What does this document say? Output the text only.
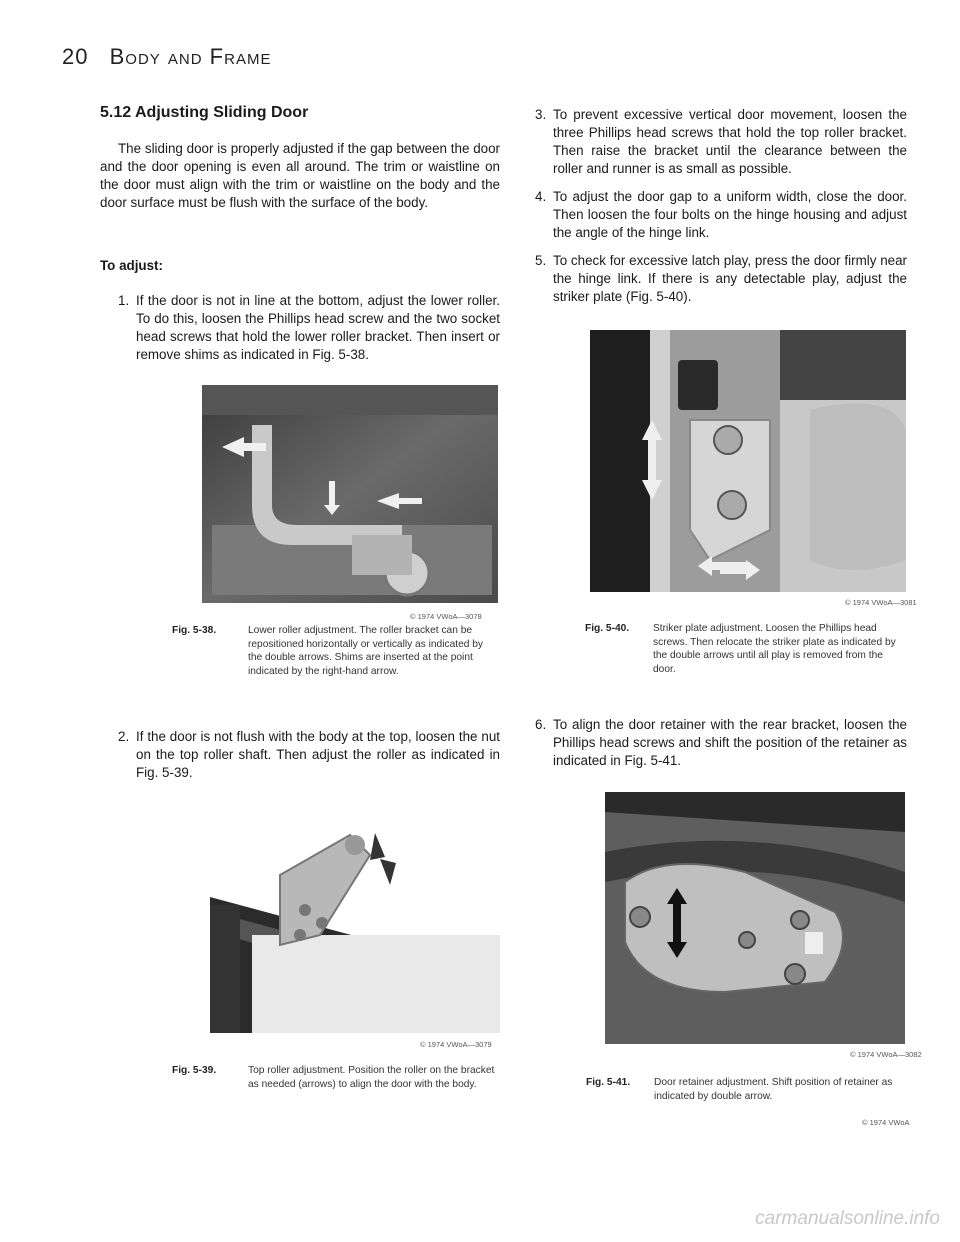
20 Body and Frame
5.12 Adjusting Sliding Door

The sliding door is properly adjusted if the gap between the door and the door opening is even all around. The trim or waistline on the door must align with the trim or waistline on the body and the door surface must be flush with the surface of the body.

To adjust:
1. If the door is not in line at the bottom, adjust the lower roller. To do this, loosen the Phillips head screw and the two socket head screws that hold the lower roller bracket. Then insert or remove shims as indicated in Fig. 5-38.
© 1974 VWoA—3078
Fig. 5-38.	Lower roller adjustment. The roller bracket can be repositioned horizontally or vertically as indicated by the double arrows. Shims are inserted at the point indicated by the right-hand arrow.
2. If the door is not flush with the body at the top, loosen the nut on the top roller shaft. Then adjust the roller as indicated in Fig. 5-39.
© 1974 VWoA—3079
Fig. 5-39.	Top roller adjustment. Position the roller on the bracket as needed (arrows) to align the door with the body.
3. To prevent excessive vertical door movement, loosen the three Phillips head screws that hold the top roller bracket. Then raise the bracket until the clearance between the roller and runner is as small as possible.
4. To adjust the door gap to a uniform width, close the door. Then loosen the four bolts on the hinge housing and adjust the angle of the hinge link.
5. To check for excessive latch play, press the door firmly near the hinge link. If there is any detectable play, adjust the striker plate (Fig. 5-40).
© 1974 VWoA—3081
Fig. 5-40.	Striker plate adjustment. Loosen the Phillips head screws. Then relocate the striker plate as indicated by the double arrows until all play is removed from the door.
6. To align the door retainer with the rear bracket, loosen the Phillips head screws and shift the position of the retainer as indicated in Fig. 5-41.
© 1974 VWoA—3082
Fig. 5-41.	Door retainer adjustment. Shift position of retainer as indicated by double arrow.
© 1974 VWoA
carmanualsonline.info
